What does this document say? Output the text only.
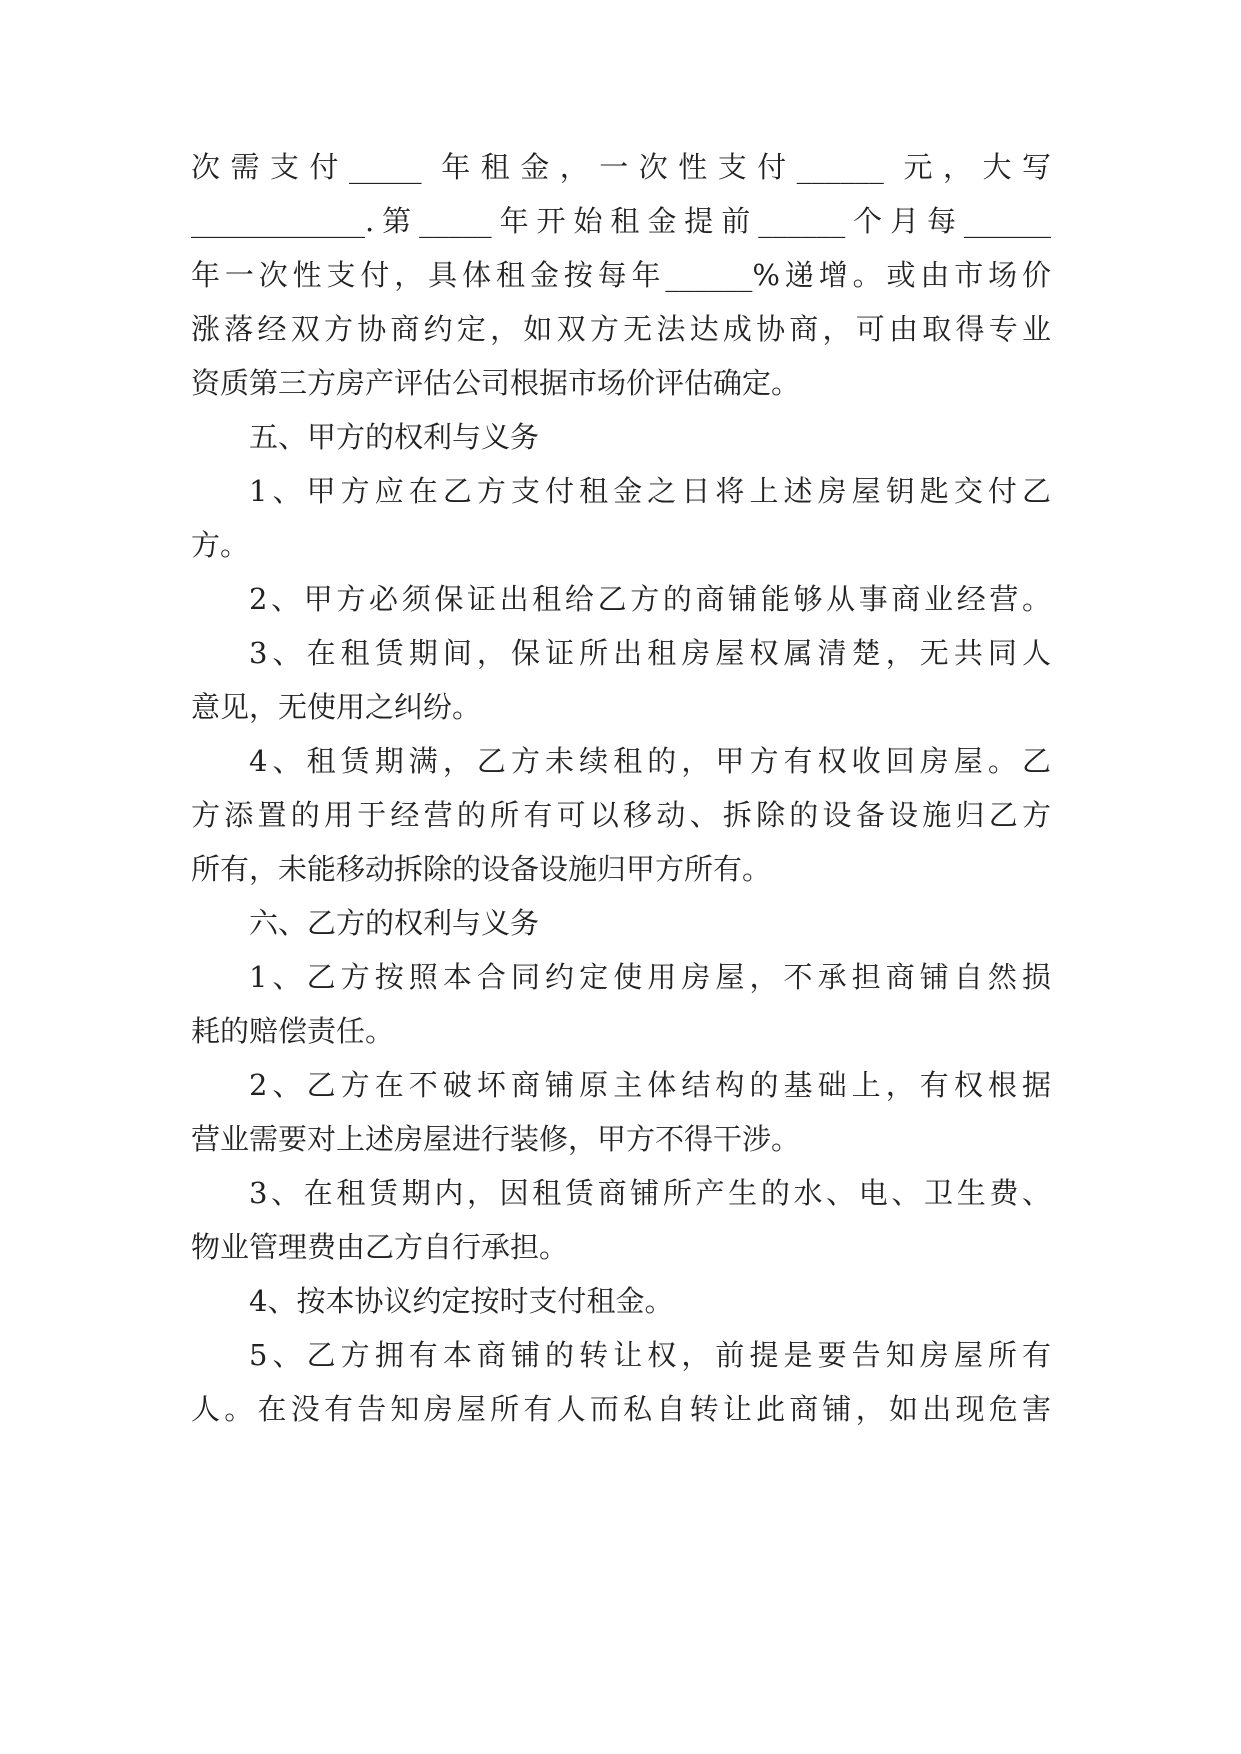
次需支付_____ 年租金，一次性支付______ 元，大写
____________.第_____年开始租金提前______个月每______
年一次性支付，具体租金按每年______%递增。或由市场价
涨落经双方协商约定，如双方无法达成协商，可由取得专业
资质第三方房产评估公司根据市场价评估确定。
五、甲方的权利与义务
1、甲方应在乙方支付租金之日将上述房屋钥匙交付乙
方。
2、甲方必须保证出租给乙方的商铺能够从事商业经营。
3、在租赁期间，保证所出租房屋权属清楚，无共同人
意见，无使用之纠纷。
4、租赁期满，乙方未续租的，甲方有权收回房屋。乙
方添置的用于经营的所有可以移动、拆除的设备设施归乙方
所有，未能移动拆除的设备设施归甲方所有。
六、乙方的权利与义务
1、乙方按照本合同约定使用房屋，不承担商铺自然损
耗的赔偿责任。
2、乙方在不破坏商铺原主体结构的基础上，有权根据
营业需要对上述房屋进行装修，甲方不得干涉。
3、在租赁期内，因租赁商铺所产生的水、电、卫生费、
物业管理费由乙方自行承担。
4、按本协议约定按时支付租金。
5、乙方拥有本商铺的转让权，前提是要告知房屋所有
人。在没有告知房屋所有人而私自转让此商铺，如出现危害
